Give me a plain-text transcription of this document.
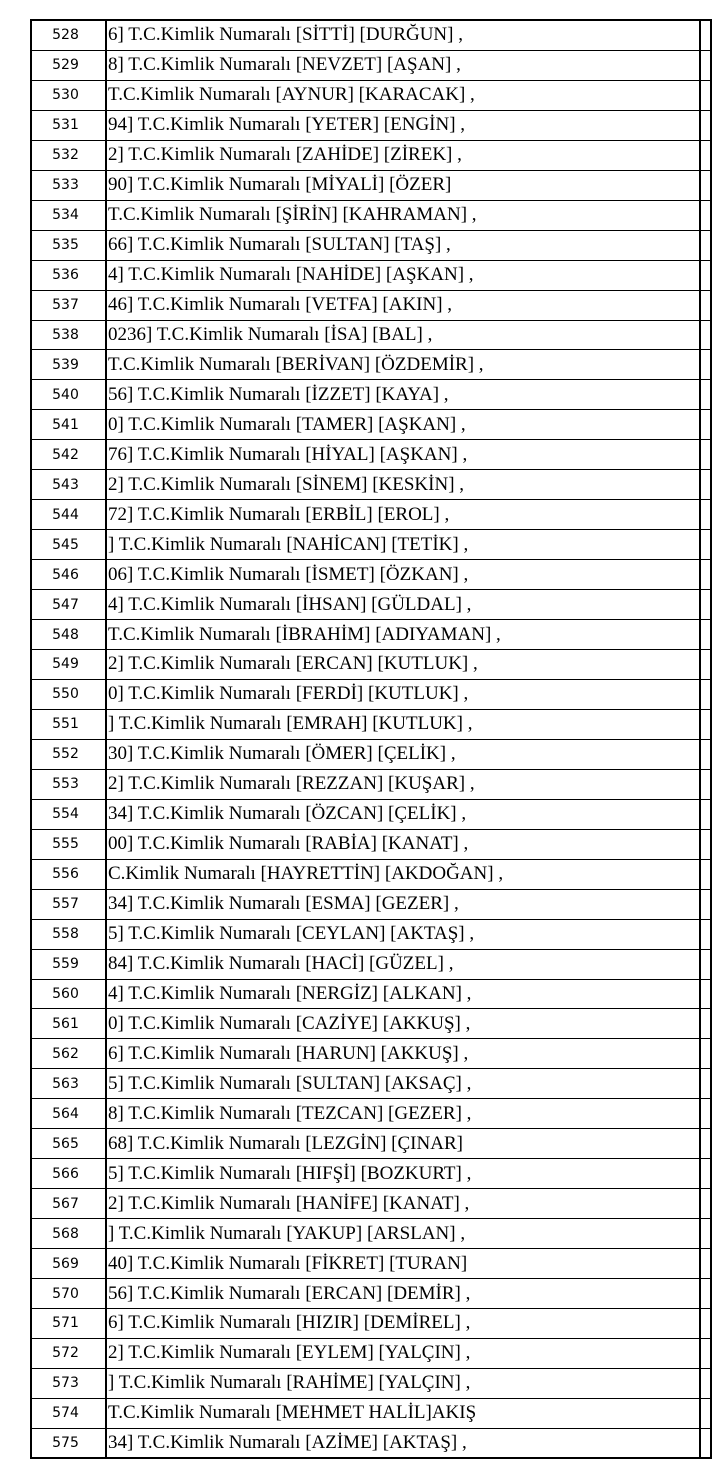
528	6] T.C.Kimlik Numaralı [SİTTİ] [DURĞUN] ,
529	8] T.C.Kimlik Numaralı [NEVZET] [AŞAN] ,
530	T.C.Kimlik Numaralı [AYNUR] [KARACAK] ,
531	94] T.C.Kimlik Numaralı [YETER] [ENGİN] ,
532	2] T.C.Kimlik Numaralı [ZAHİDE] [ZİREK] ,
533	90] T.C.Kimlik Numaralı [MİYALİ] [ÖZER]
534	T.C.Kimlik Numaralı [ŞİRİN] [KAHRAMAN] ,
535	66] T.C.Kimlik Numaralı [SULTAN] [TAŞ] ,
536	4] T.C.Kimlik Numaralı [NAHİDE] [AŞKAN] ,
537	46] T.C.Kimlik Numaralı [VETFA] [AKIN] ,
538	0236] T.C.Kimlik Numaralı [İSA] [BAL] ,
539	T.C.Kimlik Numaralı [BERİVAN] [ÖZDEMİR] ,
540	56] T.C.Kimlik Numaralı [İZZET] [KAYA] ,
541	0] T.C.Kimlik Numaralı [TAMER] [AŞKAN] ,
542	76] T.C.Kimlik Numaralı [HİYAL] [AŞKAN] ,
543	2] T.C.Kimlik Numaralı [SİNEM] [KESKİN] ,
544	72] T.C.Kimlik Numaralı [ERBİL] [EROL] ,
545	] T.C.Kimlik Numaralı [NAHİCAN] [TETİK] ,
546	06] T.C.Kimlik Numaralı [İSMET] [ÖZKAN] ,
547	4] T.C.Kimlik Numaralı [İHSAN] [GÜLDAL] ,
548	T.C.Kimlik Numaralı [İBRAHİM] [ADIYAMAN] ,
549	2] T.C.Kimlik Numaralı [ERCAN] [KUTLUK] ,
550	0] T.C.Kimlik Numaralı [FERDİ] [KUTLUK] ,
551	] T.C.Kimlik Numaralı [EMRAH] [KUTLUK] ,
552	30] T.C.Kimlik Numaralı [ÖMER] [ÇELİK] ,
553	2] T.C.Kimlik Numaralı [REZZAN] [KUŞAR] ,
554	34] T.C.Kimlik Numaralı [ÖZCAN] [ÇELİK] ,
555	00] T.C.Kimlik Numaralı [RABİA] [KANAT] ,
556	C.Kimlik Numaralı [HAYRETTİN] [AKDOĞAN] ,
557	34] T.C.Kimlik Numaralı [ESMA] [GEZER] ,
558	5] T.C.Kimlik Numaralı [CEYLAN] [AKTAŞ] ,
559	84] T.C.Kimlik Numaralı [HACİ] [GÜZEL] ,
560	4] T.C.Kimlik Numaralı [NERGİZ] [ALKAN] ,
561	0] T.C.Kimlik Numaralı [CAZİYE] [AKKUŞ] ,
562	6] T.C.Kimlik Numaralı [HARUN] [AKKUŞ] ,
563	5] T.C.Kimlik Numaralı [SULTAN] [AKSAÇ] ,
564	8] T.C.Kimlik Numaralı [TEZCAN] [GEZER] ,
565	68] T.C.Kimlik Numaralı [LEZGİN] [ÇINAR]
566	5] T.C.Kimlik Numaralı [HIFŞİ] [BOZKURT] ,
567	2] T.C.Kimlik Numaralı [HANİFE] [KANAT] ,
568	] T.C.Kimlik Numaralı [YAKUP] [ARSLAN] ,
569	40] T.C.Kimlik Numaralı [FİKRET] [TURAN]
570	56] T.C.Kimlik Numaralı [ERCAN] [DEMİR] ,
571	6] T.C.Kimlik Numaralı [HIZIR] [DEMİREL] ,
572	2] T.C.Kimlik Numaralı [EYLEM] [YALÇIN] ,
573	] T.C.Kimlik Numaralı [RAHİME] [YALÇIN] ,
574	T.C.Kimlik Numaralı [MEHMET HALİL]AKIŞ
575	34] T.C.Kimlik Numaralı [AZİME] [AKTAŞ] ,
